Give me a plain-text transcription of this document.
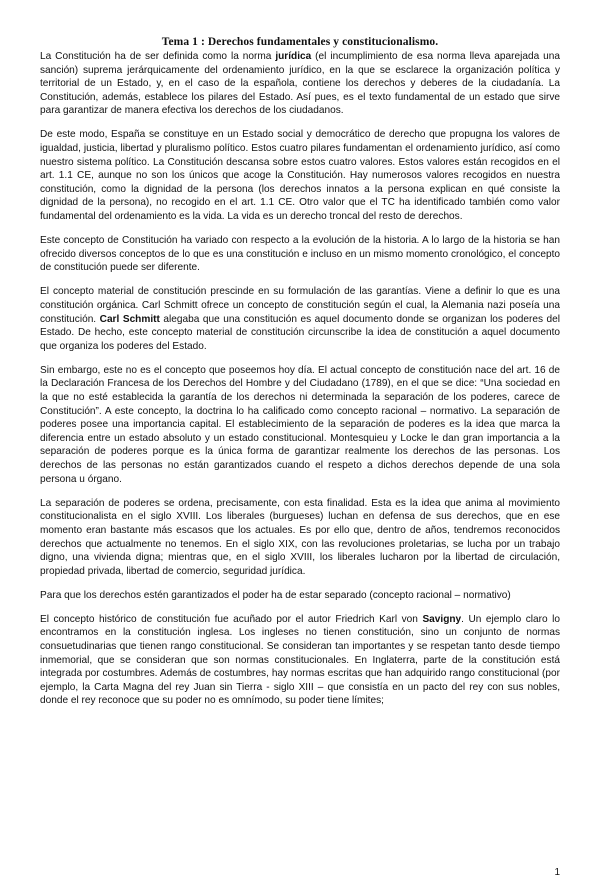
Tema 1 : Derechos fundamentales y constitucionalismo.

La Constitución ha de ser definida como la norma jurídica (el incumplimiento de esa norma lleva aparejada una sanción) suprema jerárquicamente del ordenamiento jurídico, en la que se esclarece la organización política y territorial de un Estado, y, en el caso de la española, contiene los derechos y deberes de la ciudadanía. La Constitución, además, establece los pilares del Estado. Así pues, es el texto fundamental de un estado que sirve para garantizar de manera efectiva los derechos de los ciudadanos.

De este modo, España se constituye en un Estado social y democrático de derecho que propugna los valores de igualdad, justicia, libertad y pluralismo político. Estos cuatro pilares fundamentan el ordenamiento jurídico, así como nuestro sistema político. La Constitución descansa sobre estos cuatro valores. Estos valores están recogidos en el art. 1.1 CE, aunque no son los únicos que acoge la Constitución. Hay numerosos valores recogidos en nuestra constitución, como la dignidad de la persona (los derechos innatos a la persona explican en qué consiste la dignidad de la persona), no recogido en el art. 1.1 CE. Otro valor que el TC ha identificado también como valor fundamental del ordenamiento es la vida. La vida es un derecho troncal del resto de derechos.

Este concepto de Constitución ha variado con respecto a la evolución de la historia. A lo largo de la historia se han ofrecido diversos conceptos de lo que es una constitución e incluso en un mismo momento cronológico, el concepto de constitución puede ser diferente.

El concepto material de constitución prescinde en su formulación de las garantías. Viene a definir lo que es una constitución orgánica. Carl Schmitt ofrece un concepto de constitución según el cual, la Alemania nazi poseía una constitución. Carl Schmitt alegaba que una constitución es aquel documento donde se organizan los poderes del Estado. De hecho, este concepto material de constitución circunscribe la idea de constitución a aquel documento que organiza los poderes del Estado.

Sin embargo, este no es el concepto que poseemos hoy día. El actual concepto de constitución nace del art. 16 de la Declaración Francesa de los Derechos del Hombre y del Ciudadano (1789), en el que se dice: “Una sociedad en la que no esté establecida la garantía de los derechos ni determinada la separación de los poderes, carece de Constitución”. A este concepto, la doctrina lo ha calificado como concepto racional – normativo. La separación de poderes posee una importancia capital. El establecimiento de la separación de poderes es la idea que marca la diferencia entre un estado absoluto y un estado constitucional. Montesquieu y Locke le dan gran importancia a la separación de poderes porque es la única forma de garantizar realmente los derechos de las personas. Los derechos de las personas no están garantizados cuando el respeto a dichos derechos depende de una sola persona u órgano.

La separación de poderes se ordena, precisamente, con esta finalidad. Esta es la idea que anima al movimiento constitucionalista en el siglo XVIII. Los liberales (burgueses) luchan en defensa de sus derechos, que en ese momento eran bastante más escasos que los actuales. Es por ello que, dentro de años, tendremos reconocidos derechos que actualmente no tenemos. En el siglo XIX, con las revoluciones proletarias, se lucha por un trabajo digno, una vivienda digna; mientras que, en el siglo XVIII, los liberales lucharon por la libertad de circulación, propiedad privada, libertad de comercio, seguridad jurídica.

Para que los derechos estén garantizados el poder ha de estar separado (concepto racional – normativo)

El concepto histórico de constitución fue acuñado por el autor Friedrich Karl von Savigny. Un ejemplo claro lo encontramos en la constitución inglesa. Los ingleses no tienen constitución, sino un conjunto de normas consuetudinarias que tienen rango constitucional. Se consideran tan importantes y se respetan tanto desde tiempo inmemorial, que se consideran que son normas constitucionales. En Inglaterra, parte de la constitución está integrada por costumbres. Además de costumbres, hay normas escritas que han adquirido rango constitucional (por ejemplo, la Carta Magna del rey Juan sin Tierra - siglo XIII – que consistía en un pacto del rey con sus nobles, donde el rey reconoce que su poder no es omnímodo, su poder tiene límites;

1
